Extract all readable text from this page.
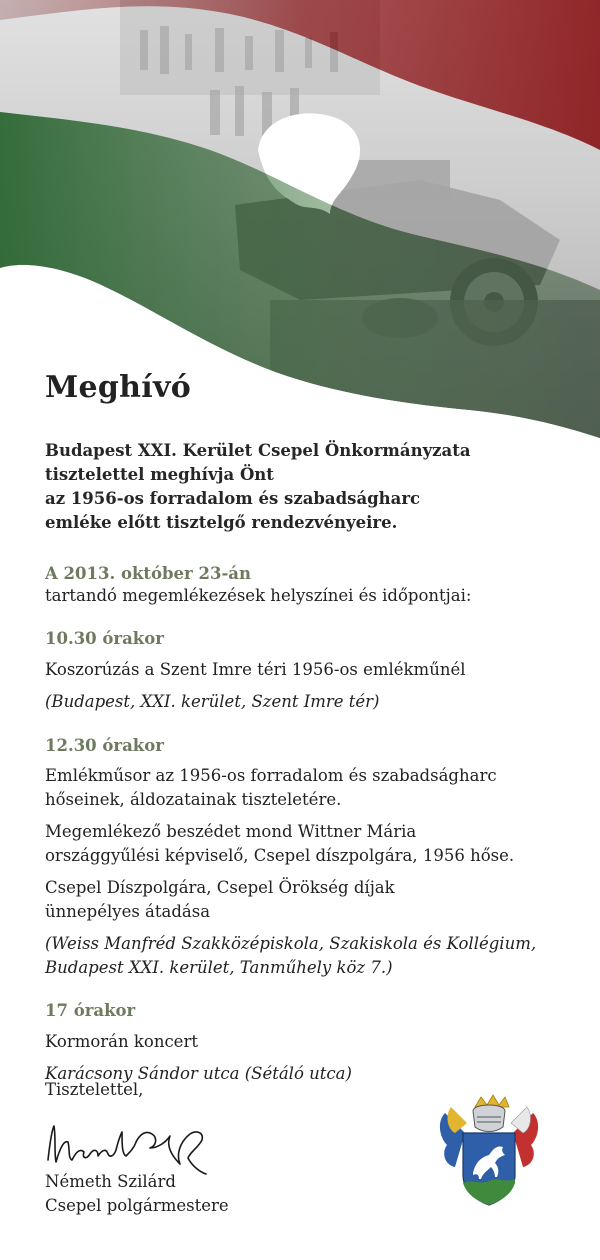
Meghívó
Budapest XXI. Kerület Csepel Önkormányzata
tisztelettel meghívja Önt
az 1956-os forradalom és szabadságharc
emléke előtt tisztelgő rendezvényeire.
A 2013. október 23-án
tartandó megemlékezések helyszínei és időpontjai:
10.30 órakor
Koszorúzás a Szent Imre téri 1956-os emlékműnél
(Budapest, XXI. kerület, Szent Imre tér)
12.30 órakor
Emlékműsor az 1956-os forradalom és szabadságharc
hőseinek, áldozatainak tiszteletére.
Megemlékező beszédet mond Wittner Mária
országgyűlési képviselő, Csepel díszpolgára, 1956 hőse.
Csepel Díszpolgára, Csepel Örökség díjak
ünnepélyes átadása
(Weiss Manfréd Szakközépiskola, Szakiskola és Kollégium,
Budapest XXI. kerület, Tanműhely köz 7.)
17 órakor
Kormorán koncert
Karácsony Sándor utca (Sétáló utca)
Tisztelettel,
Németh Szilárd
Csepel polgármestere
